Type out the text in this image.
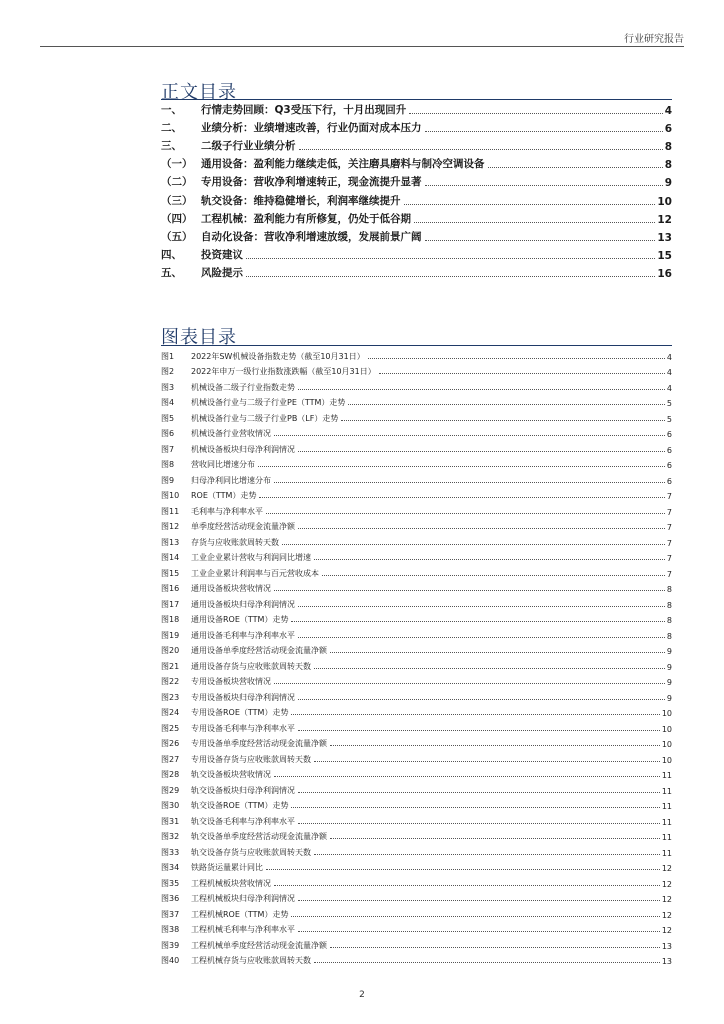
行业研究报告
正文目录
一、	行情走势回顾：Q3受压下行，十月出现回升	4
二、	业绩分析：业绩增速改善，行业仍面对成本压力	6
三、	二级子行业业绩分析	8
（一） 通用设备：盈利能力继续走低，关注磨具磨料与制冷空调设备	8
（二） 专用设备：营收净利增速转正，现金流提升显著	9
（三） 轨交设备：维持稳健增长，利润率继续提升	10
（四） 工程机械：盈利能力有所修复，仍处于低谷期	12
（五） 自动化设备：营收净利增速放缓，发展前景广阔	13
四、	投资建议	15
五、	风险提示	16
图表目录
图1	2022年SW机械设备指数走势（截至10月31日）	4
图2	2022年申万一级行业指数涨跌幅（截至10月31日）	4
图3	机械设备二级子行业指数走势	4
图4	机械设备行业与二级子行业PE（TTM）走势	5
图5	机械设备行业与二级子行业PB（LF）走势	5
图6	机械设备行业营收情况	6
图7	机械设备板块归母净利润情况	6
图8	营收同比增速分布	6
图9	归母净利同比增速分布	6
图10	ROE（TTM）走势	7
图11	毛利率与净利率水平	7
图12	单季度经营活动现金流量净额	7
图13	存货与应收账款周转天数	7
图14	工业企业累计营收与利润同比增速	7
图15	工业企业累计利润率与百元营收成本	7
图16	通用设备板块营收情况	8
图17	通用设备板块归母净利润情况	8
图18	通用设备ROE（TTM）走势	8
图19	通用设备毛利率与净利率水平	8
图20	通用设备单季度经营活动现金流量净额	9
图21	通用设备存货与应收账款周转天数	9
图22	专用设备板块营收情况	9
图23	专用设备板块归母净利润情况	9
图24	专用设备ROE（TTM）走势	10
图25	专用设备毛利率与净利率水平	10
图26	专用设备单季度经营活动现金流量净额	10
图27	专用设备存货与应收账款周转天数	10
图28	轨交设备板块营收情况	11
图29	轨交设备板块归母净利润情况	11
图30	轨交设备ROE（TTM）走势	11
图31	轨交设备毛利率与净利率水平	11
图32	轨交设备单季度经营活动现金流量净额	11
图33	轨交设备存货与应收账款周转天数	11
图34	铁路货运量累计同比	12
图35	工程机械板块营收情况	12
图36	工程机械板块归母净利润情况	12
图37	工程机械ROE（TTM）走势	12
图38	工程机械毛利率与净利率水平	12
图39	工程机械单季度经营活动现金流量净额	13
图40	工程机械存货与应收账款周转天数	13
2
